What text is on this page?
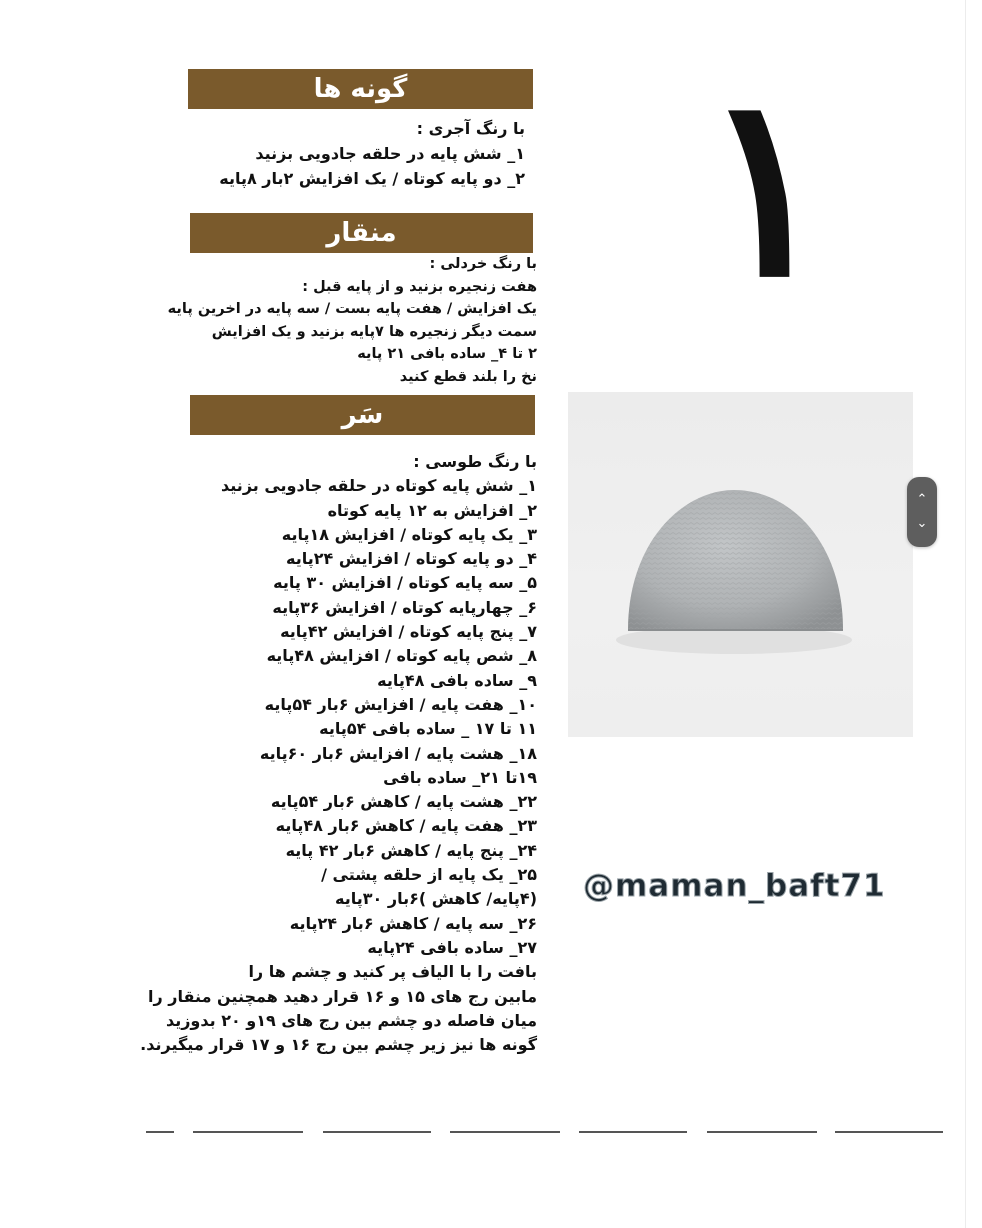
گونه ها
با رنگ آجری :
۱_ شش پایه در حلقه جادویی بزنید
۲_ دو پایه کوتاه / یک افزایش ۲بار ۸پایه
منقار
با رنگ خردلی :
هفت زنجیره بزنید و از پایه قبل :
یک افزایش / هفت پایه بست / سه پایه در اخرین پایه
سمت دیگر زنجیره ها ۷پایه بزنید و یک افزایش
۲ تا ۴_ ساده بافی ۲۱ پایه
نخ را بلند قطع کنید
سَر
با رنگ طوسی :
۱_ شش پایه کوتاه در حلقه جادویی بزنید
۲_ افزایش به ۱۲ پایه کوتاه
۳_ یک پایه کوتاه / افزایش ۱۸پایه
۴_ دو پایه کوتاه / افزایش ۲۴پایه
۵_ سه پایه کوتاه / افزایش ۳۰ پایه
۶_ چهارپایه کوتاه / افزایش ۳۶پایه
۷_ پنج پایه کوتاه / افزایش ۴۲پایه
۸_ شص پایه کوتاه / افزایش ۴۸پایه
۹_ ساده بافی ۴۸پایه
۱۰_ هفت پایه / افزایش ۶بار ۵۴پایه
۱۱ تا ۱۷ _ ساده بافی ۵۴پایه
۱۸_ هشت پایه / افزایش ۶بار ۶۰پایه
۱۹تا ۲۱_ ساده بافی
۲۲_ هشت پایه / کاهش ۶بار ۵۴پایه
۲۳_ هفت پایه / کاهش ۶بار ۴۸پایه
۲۴_ پنج پایه / کاهش ۶بار ۴۲ پایه
۲۵_ یک پایه از حلقه پشتی /
(۴پایه/ کاهش )۶بار ۳۰پایه
۲۶_ سه پایه / کاهش ۶بار ۲۴پایه
۲۷_ ساده بافی ۲۴پایه
بافت را با الیاف پر کنید و چشم ها را
مابین رج های ۱۵ و ۱۶ قرار دهید همچنین منقار را
میان فاصله دو چشم بین رج های ۱۹و ۲۰ بدوزید
گونه ها نیز زیر چشم بین رج ۱۶ و ۱۷ قرار میگیرند.
۱
⌃
⌄
@maman_baft71
